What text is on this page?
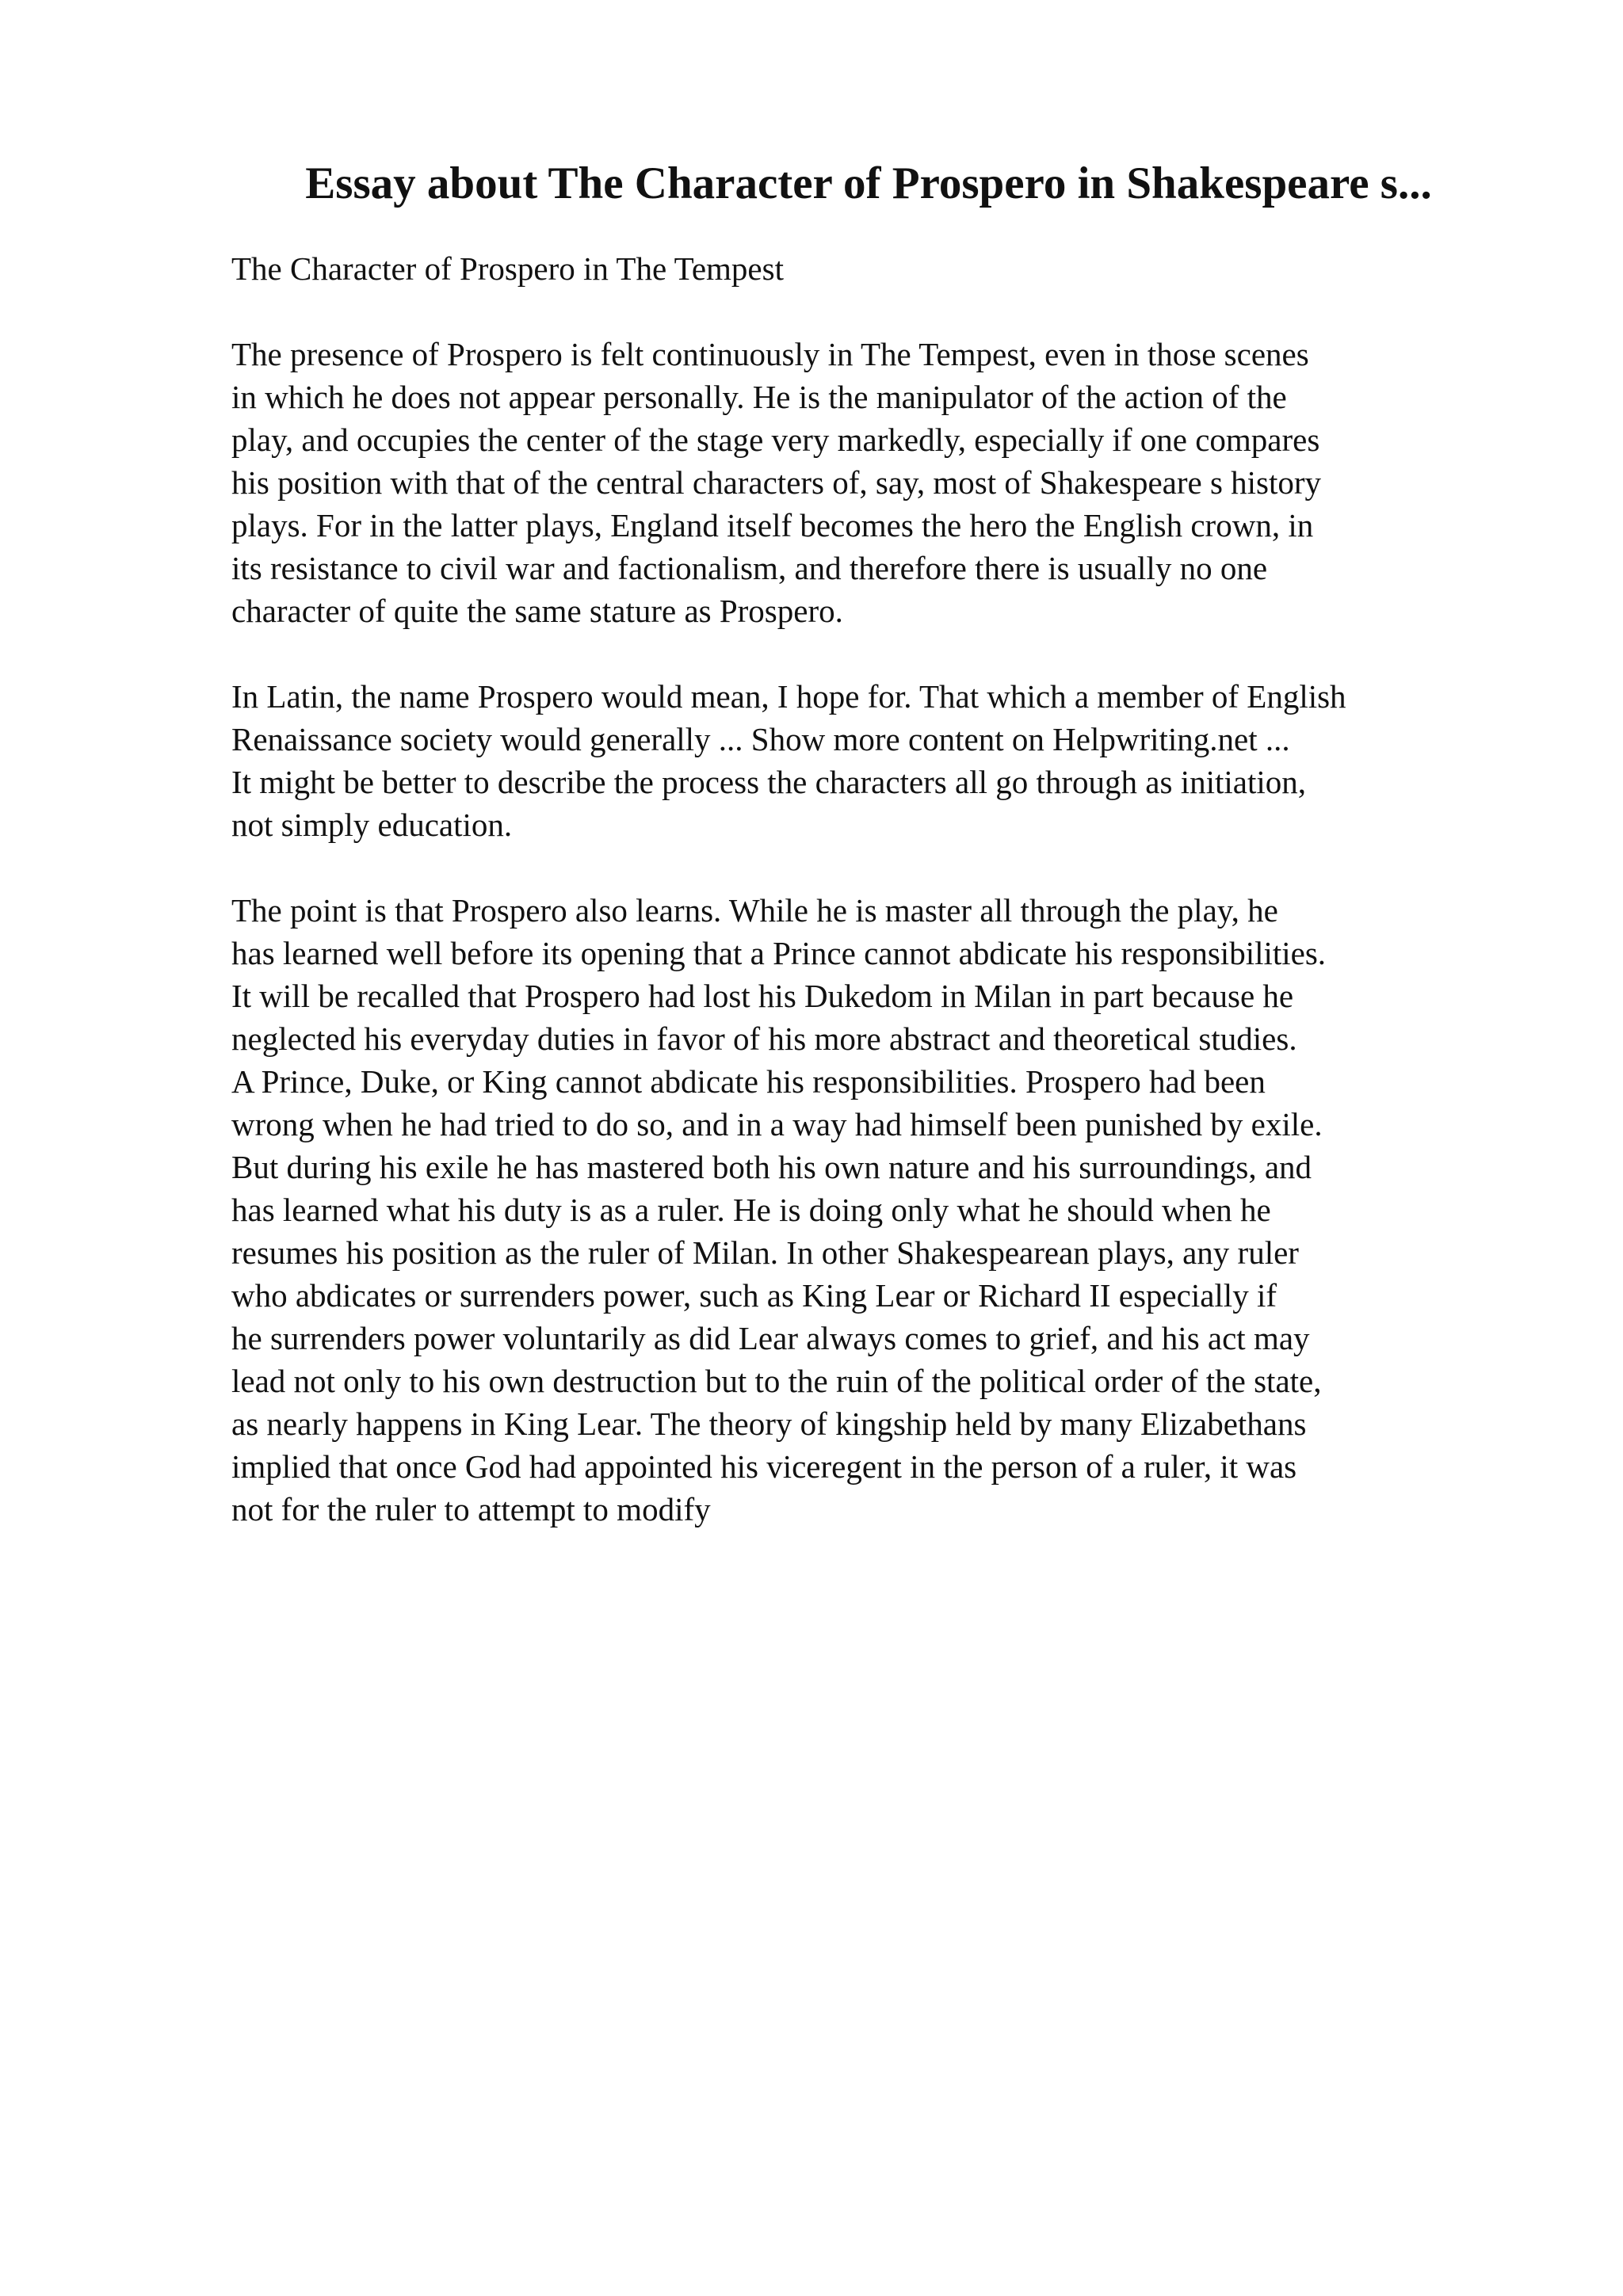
Essay about The Character of Prospero in Shakespeare s...
The Character of Prospero in The Tempest
The presence of Prospero is felt continuously in The Tempest, even in those scenes
in which he does not appear personally. He is the manipulator of the action of the
play, and occupies the center of the stage very markedly, especially if one compares
his position with that of the central characters of, say, most of Shakespeare s history
plays. For in the latter plays, England itself becomes the hero the English crown, in
its resistance to civil war and factionalism, and therefore there is usually no one
character of quite the same stature as Prospero.
In Latin, the name Prospero would mean, I hope for. That which a member of English
Renaissance society would generally ... Show more content on Helpwriting.net ...
It might be better to describe the process the characters all go through as initiation,
not simply education.
The point is that Prospero also learns. While he is master all through the play, he
has learned well before its opening that a Prince cannot abdicate his responsibilities.
It will be recalled that Prospero had lost his Dukedom in Milan in part because he
neglected his everyday duties in favor of his more abstract and theoretical studies.
A Prince, Duke, or King cannot abdicate his responsibilities. Prospero had been
wrong when he had tried to do so, and in a way had himself been punished by exile.
But during his exile he has mastered both his own nature and his surroundings, and
has learned what his duty is as a ruler. He is doing only what he should when he
resumes his position as the ruler of Milan. In other Shakespearean plays, any ruler
who abdicates or surrenders power, such as King Lear or Richard II especially if
he surrenders power voluntarily as did Lear always comes to grief, and his act may
lead not only to his own destruction but to the ruin of the political order of the state,
as nearly happens in King Lear. The theory of kingship held by many Elizabethans
implied that once God had appointed his viceregent in the person of a ruler, it was
not for the ruler to attempt to modify
